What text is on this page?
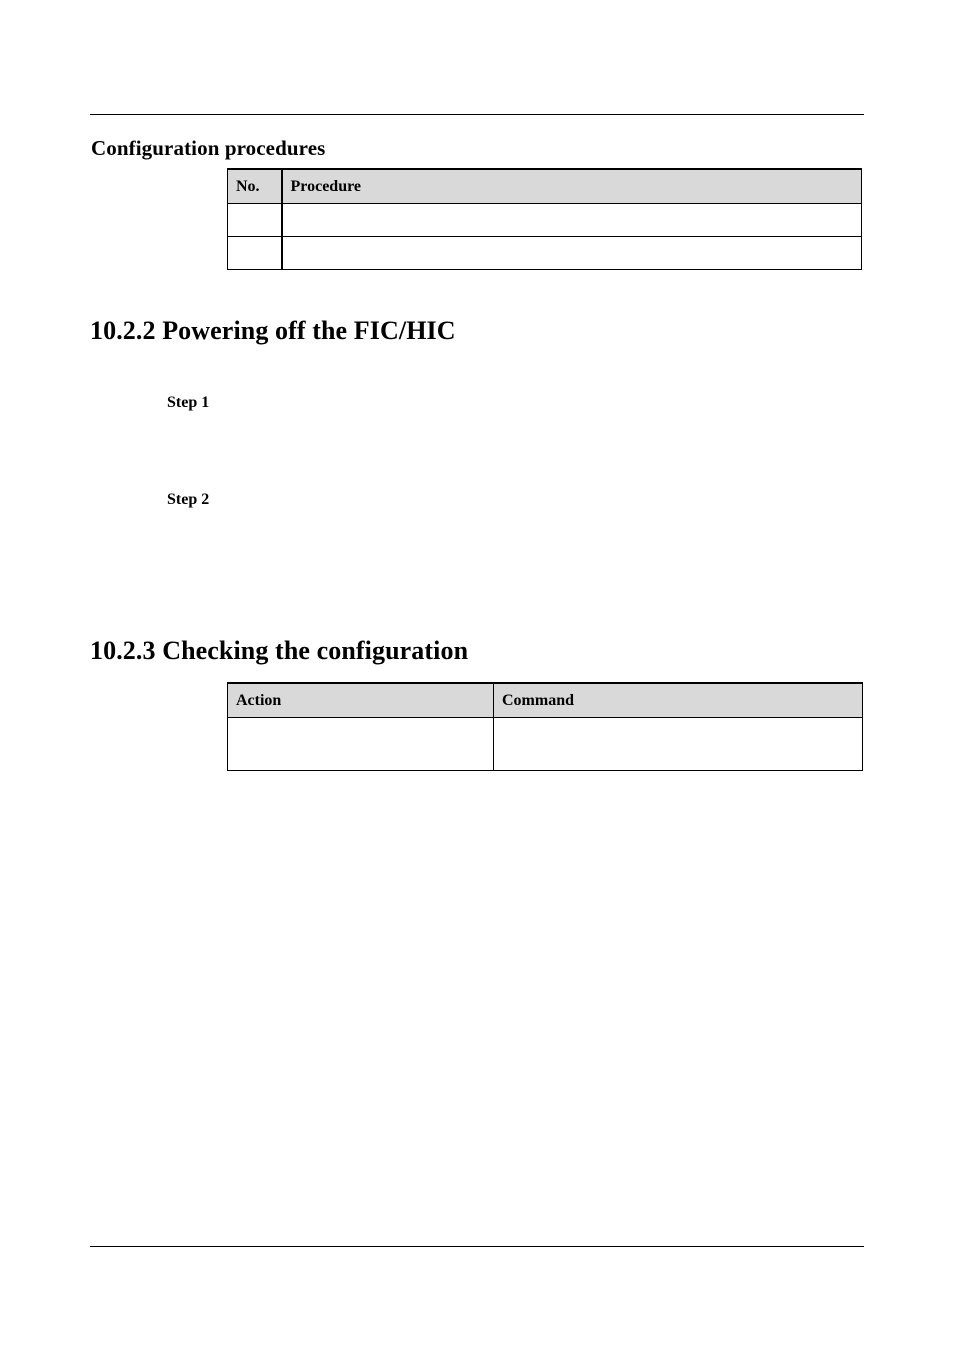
Configuration procedures
No.	Procedure

10.2.2 Powering off the FIC/HIC
Step 1
Step 2
10.2.3 Checking the configuration
Action	Command
